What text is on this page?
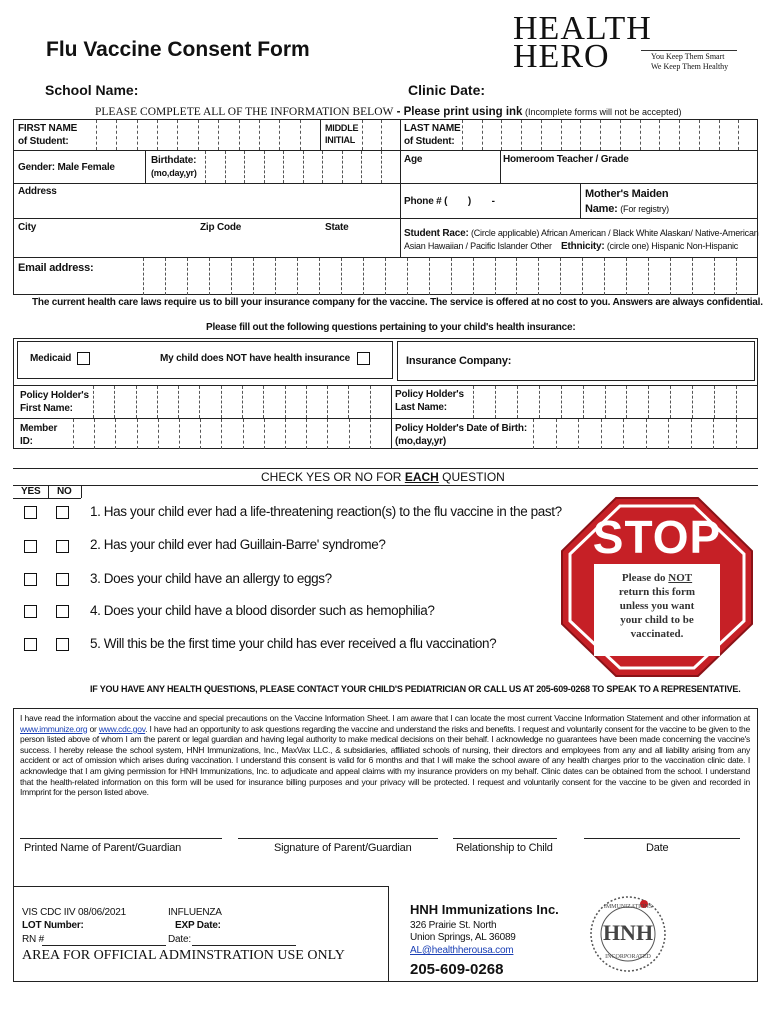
Flu Vaccine Consent Form
HEALTH
HERO	You Keep Them Smart
We Keep Them Healthy
School Name:	Clinic Date:
PLEASE COMPLETE ALL OF THE INFORMATION BELOW - Please print using ink (Incomplete forms will not be accepted)
FIRST NAME
of Student:
MIDDLE
INITIAL
LAST NAME
of Student:
Gender: Male Female
Birthdate:
(mo,day,yr)
Age	Homeroom Teacher / Grade
Address
Phone # (        )        -
Mother's Maiden
Name: (For registry)
City	Zip Code	State
Student Race: (Circle applicable) African American / Black White Alaskan/ Native-American
Asian Hawaiian / Pacific Islander Other Ethnicity: (circle one) Hispanic Non-Hispanic
Email address:
The current health care laws require us to bill your insurance company for the vaccine. The service is offered at no cost to you. Answers are always confidential.
Please fill out the following questions pertaining to your child's health insurance:
Medicaid	My child does NOT have health insurance	Insurance Company:
Policy Holder's
First Name:
Policy Holder's
Last Name:
Member
ID:
Policy Holder's Date of Birth:
(mo,day,yr)
CHECK YES OR NO FOR EACH QUESTION
YES NO
1. Has your child ever had a life-threatening reaction(s) to the flu vaccine in the past?
2. Has your child ever had Guillain-Barre' syndrome?
3. Does your child have an allergy to eggs?
4. Does your child have a blood disorder such as hemophilia?
5. Will this be the first time your child has ever received a flu vaccination?
STOP
Please do NOT
return this form
unless you want
your child to be
vaccinated.
IF YOU HAVE ANY HEALTH QUESTIONS, PLEASE CONTACT YOUR CHILD'S PEDIATRICIAN OR CALL US AT 205-609-0268 TO SPEAK TO A REPRESENTATIVE.
I have read the information about the vaccine and special precautions on the Vaccine Information Sheet. I am aware that I can locate the most current Vaccine Information Statement and other information at www.immunize.org or www.cdc.gov. I have had an opportunity to ask questions regarding the vaccine and understand the risks and benefits. I request and voluntarily consent for the vaccine to be given to the person listed above of whom I am the parent or legal guardian and having legal authority to make medical decisions on their behalf. I acknowledge no guarantees have been made concerning the vaccine's success. I hereby release the school system, HNH Immunizations, Inc., MaxVax LLC., & subsidiaries, affiliated schools of nursing, their directors and employees from any and all liability arising from any accident or act of omission which arises during vaccination. I understand this consent is valid for 6 months and that I will make the school aware of any health charges prior to the vaccination clinic date. I acknowledge that I am giving permission for HNH Immunizations, Inc. to adjudicate and appeal claims with my insurance providers on my behalf. Clinic dates can be obtained from the school. I understand that the health-related information on this form will be used for insurance billing purposes and your privacy will be protected. I request and voluntarily consent for the vaccine to be given and recorded in Immprint for the person listed above.
Printed Name of Parent/Guardian	Signature of Parent/Guardian	Relationship to Child	Date
VIS CDC IIV 08/06/2021	INFLUENZA
LOT Number:	EXP Date:
RN #	Date:
AREA FOR OFFICIAL ADMINSTRATION USE ONLY
HNH Immunizations Inc.
326 Prairie St. North
Union Springs, AL 36089
AL@healthherousa.com
205-609-0268
HNH
IMMUNIZATIONS
INCORPORATED
